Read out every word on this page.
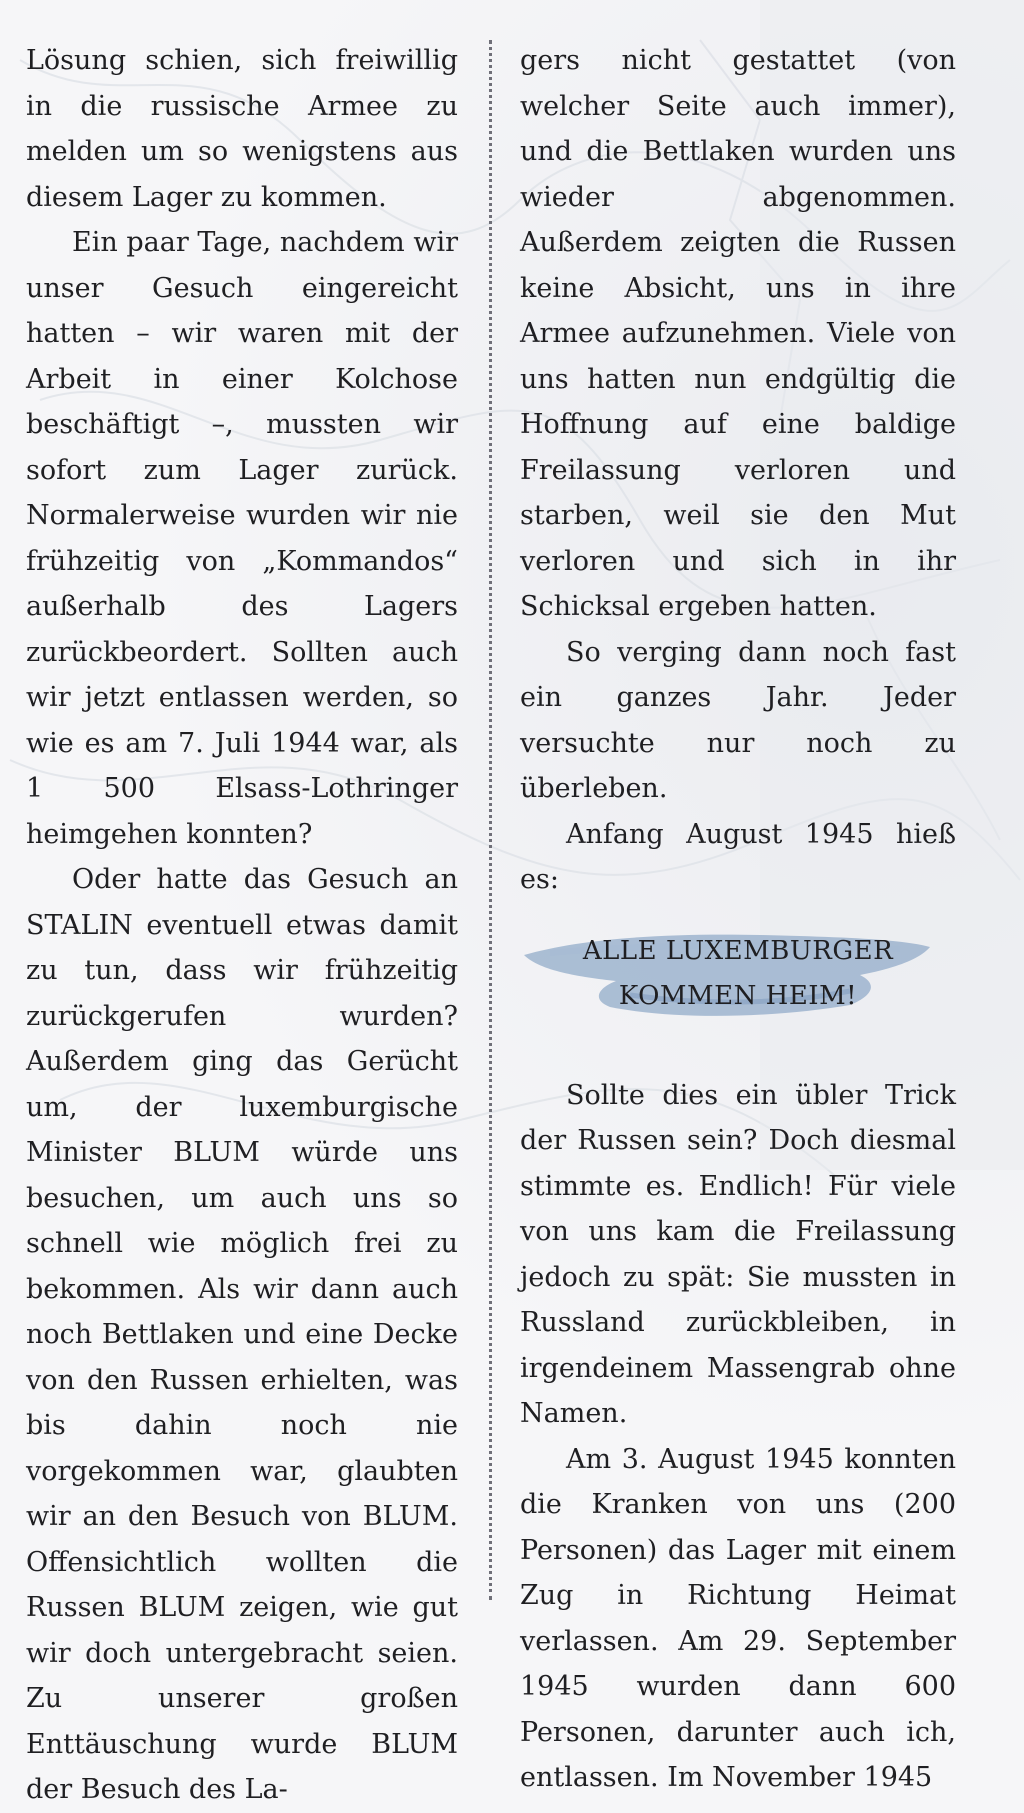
Lösung schien, sich freiwillig in die russische Armee zu melden um so wenigstens aus diesem Lager zu kommen.

Ein paar Tage, nachdem wir unser Gesuch eingereicht hatten – wir waren mit der Arbeit in einer Kolchose beschäftigt –, mussten wir sofort zum Lager zurück. Normalerweise wurden wir nie frühzeitig von „Kommandos“ außerhalb des Lagers zurückbeordert. Sollten auch wir jetzt entlassen werden, so wie es am 7. Juli 1944 war, als 1 500 Elsass-Lothringer heimgehen konnten?

Oder hatte das Gesuch an STALIN eventuell etwas damit zu tun, dass wir frühzeitig zurückgerufen wurden? Außerdem ging das Gerücht um, der luxemburgische Minister BLUM würde uns besuchen, um auch uns so schnell wie möglich frei zu bekommen. Als wir dann auch noch Bettlaken und eine Decke von den Russen erhielten, was bis dahin noch nie vorgekommen war, glaubten wir an den Besuch von BLUM. Offensichtlich wollten die Russen BLUM zeigen, wie gut wir doch untergebracht seien. Zu unserer großen Enttäuschung wurde BLUM der Besuch des La-

gers nicht gestattet (von welcher Seite auch immer), und die Bettlaken wurden uns wieder abgenommen. Außerdem zeigten die Russen keine Absicht, uns in ihre Armee aufzunehmen. Viele von uns hatten nun endgültig die Hoffnung auf eine baldige Freilassung verloren und starben, weil sie den Mut verloren und sich in ihr Schicksal ergeben hatten.

So verging dann noch fast ein ganzes Jahr. Jeder versuchte nur noch zu überleben.

Anfang August 1945 hieß es:

ALLE LUXEMBURGER
KOMMEN HEIM!

Sollte dies ein übler Trick der Russen sein? Doch diesmal stimmte es. Endlich! Für viele von uns kam die Freilassung jedoch zu spät: Sie mussten in Russland zurückbleiben, in irgendeinem Massengrab ohne Namen.

Am 3. August 1945 konnten die Kranken von uns (200 Personen) das Lager mit einem Zug in Richtung Heimat verlassen. Am 29. September 1945 wurden dann 600 Personen, darunter auch ich, entlassen. Im November 1945
